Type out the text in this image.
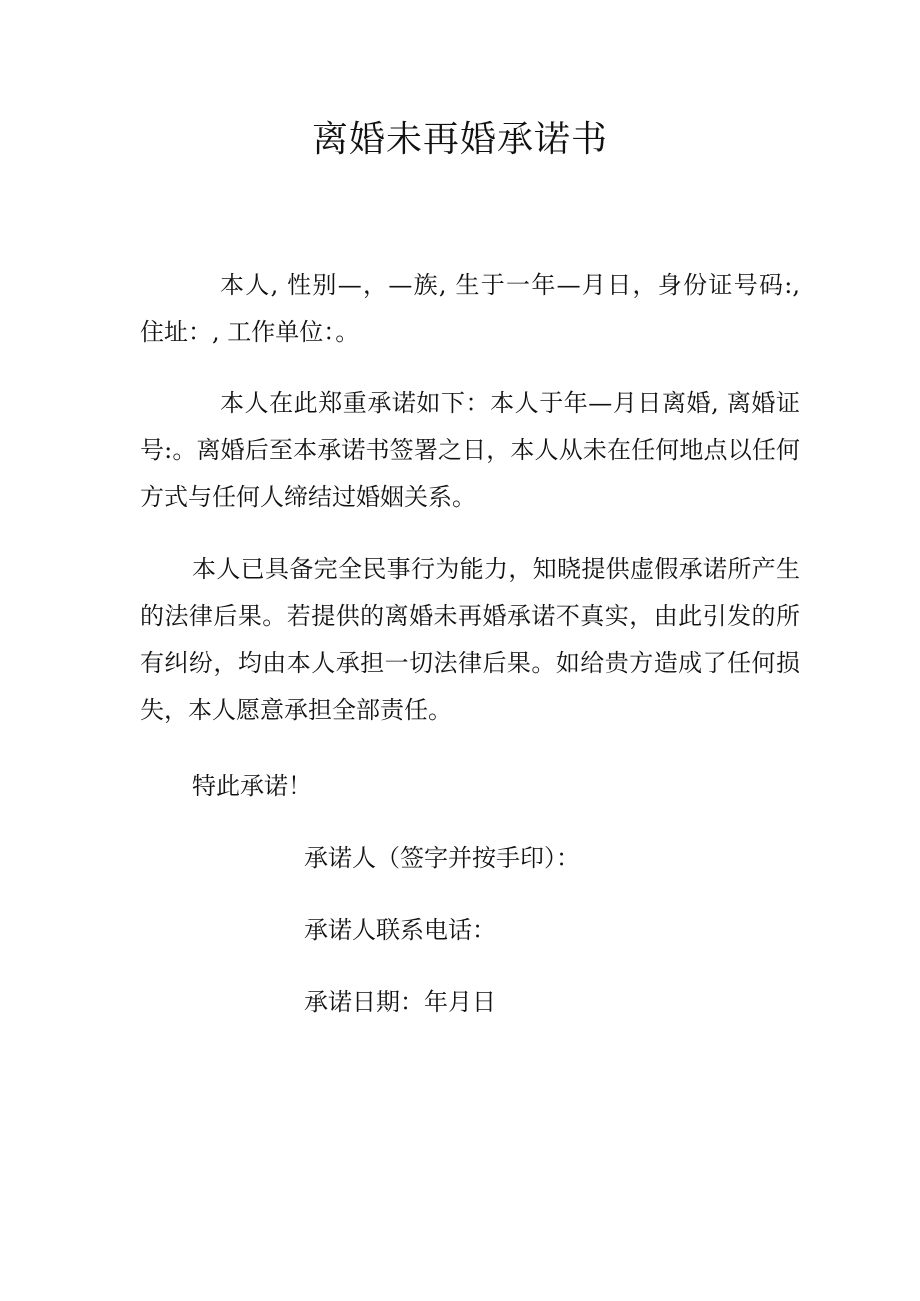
离婚未再婚承诺书

本人, 性别—，—族, 生于一年—月日，身份证号码:, 住址：, 工作单位：。

本人在此郑重承诺如下：本人于年—月日离婚, 离婚证号:。离婚后至本承诺书签署之日，本人从未在任何地点以任何方式与任何人缔结过婚姻关系。

本人已具备完全民事行为能力，知晓提供虚假承诺所产生的法律后果。若提供的离婚未再婚承诺不真实，由此引发的所有纠纷，均由本人承担一切法律后果。如给贵方造成了任何损失，本人愿意承担全部责任。

特此承诺！

承诺人（签字并按手印）：

承诺人联系电话：

承诺日期：年月日
